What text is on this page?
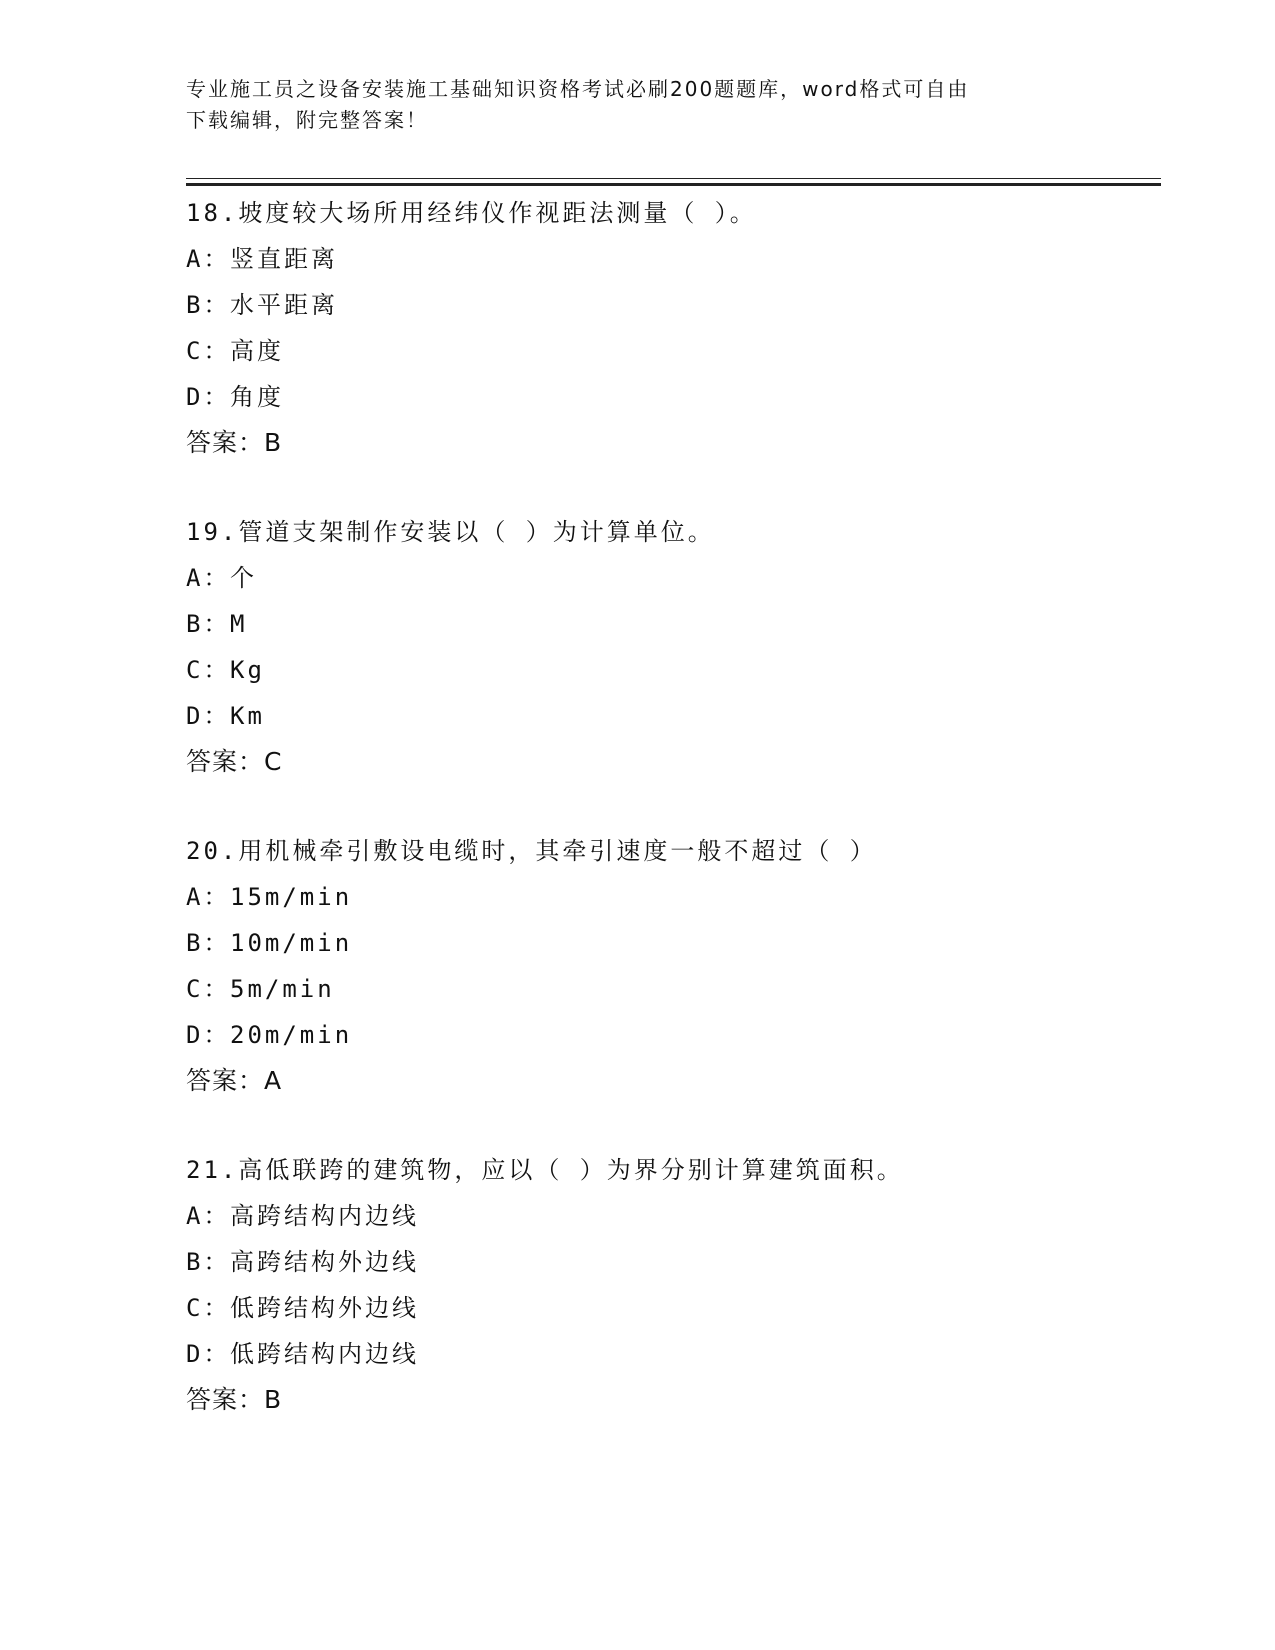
专业施工员之设备安装施工基础知识资格考试必刷200题题库，word格式可自由
下载编辑，附完整答案！
18.坡度较大场所用经纬仪作视距法测量（ ）。
A：竖直距离
B：水平距离
C：高度
D：角度
答案：B
19.管道支架制作安装以（ ）为计算单位。
A：个
B：M
C：Kg
D：Km
答案：C
20.用机械牵引敷设电缆时，其牵引速度一般不超过（ ）
A：15m/min
B：10m/min
C：5m/min
D：20m/min
答案：A
21.高低联跨的建筑物，应以（ ）为界分别计算建筑面积。
A：高跨结构内边线
B：高跨结构外边线
C：低跨结构外边线
D：低跨结构内边线
答案：B
